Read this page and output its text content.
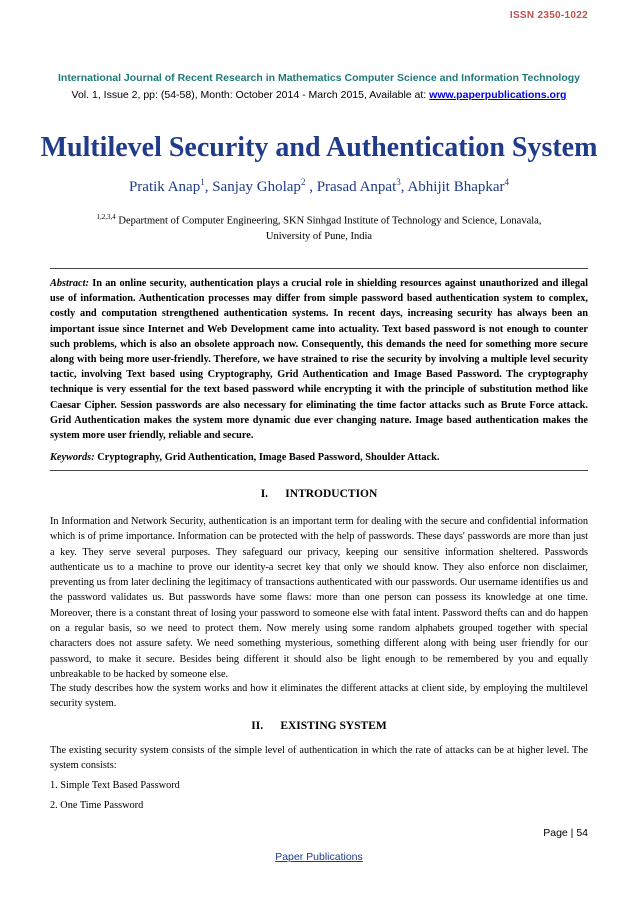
ISSN 2350-1022
International Journal of Recent Research in Mathematics Computer Science and Information Technology
Vol. 1, Issue 2, pp: (54-58), Month: October 2014 - March 2015, Available at: www.paperpublications.org
Multilevel Security and Authentication System
Pratik Anap$^1$, Sanjay Gholap$^2$ , Prasad Anpat$^3$, Abhijit Bhapkar$^4$
$^{1,2,3,4}$ Department of Computer Engineering, SKN Sinhgad Institute of Technology and Science, Lonavala,
University of Pune, India
Abstract: In an online security, authentication plays a crucial role in shielding resources against unauthorized and illegal use of information. Authentication processes may differ from simple password based authentication system to complex, costly and computation strengthened authentication systems. In recent days, increasing security has always been an important issue since Internet and Web Development came into actuality. Text based password is not enough to counter such problems, which is also an obsolete approach now. Consequently, this demands the need for something more secure along with being more user-friendly. Therefore, we have strained to rise the security by involving a multiple level security tactic, involving Text based using Cryptography, Grid Authentication and Image Based Password. The cryptography technique is very essential for the text based password while encrypting it with the principle of substitution method like Caesar Cipher. Session passwords are also necessary for eliminating the time factor attacks such as Brute Force attack. Grid Authentication makes the system more dynamic due ever changing nature. Image based authentication makes the system more user friendly, reliable and secure.
Keywords: Cryptography, Grid Authentication, Image Based Password, Shoulder Attack.
I.      INTRODUCTION

In Information and Network Security, authentication is an important term for dealing with the secure and confidential information which is of prime importance. Information can be protected with the help of passwords. These days' passwords are more than just a key. They serve several purposes. They safeguard our privacy, keeping our sensitive information sheltered. Passwords authenticate us to a machine to prove our identity-a secret key that only we should know. They also enforce non disclaimer, preventing us from later declining the legitimacy of transactions authenticated with our passwords. Our username identifies us and the password validates us. But passwords have some flaws: more than one person can possess its knowledge at one time. Moreover, there is a constant threat of losing your password to someone else with fatal intent. Password thefts can and do happen on a regular basis, so we need to protect them. Now merely using some random alphabets grouped together with special characters does not assure safety. We need something mysterious, something different along with being user friendly for our password, to make it secure. Besides being different it should also be light enough to be remembered by you and equally unbreakable to be hacked by someone else.

The study describes how the system works and how it eliminates the different attacks at client side, by employing the multilevel security system.

II.      EXISTING SYSTEM

The existing security system consists of the simple level of authentication in which the rate of attacks can be at higher level. The system consists:

1. Simple Text Based Password
2. One Time Password
Page | 54
Paper Publications
